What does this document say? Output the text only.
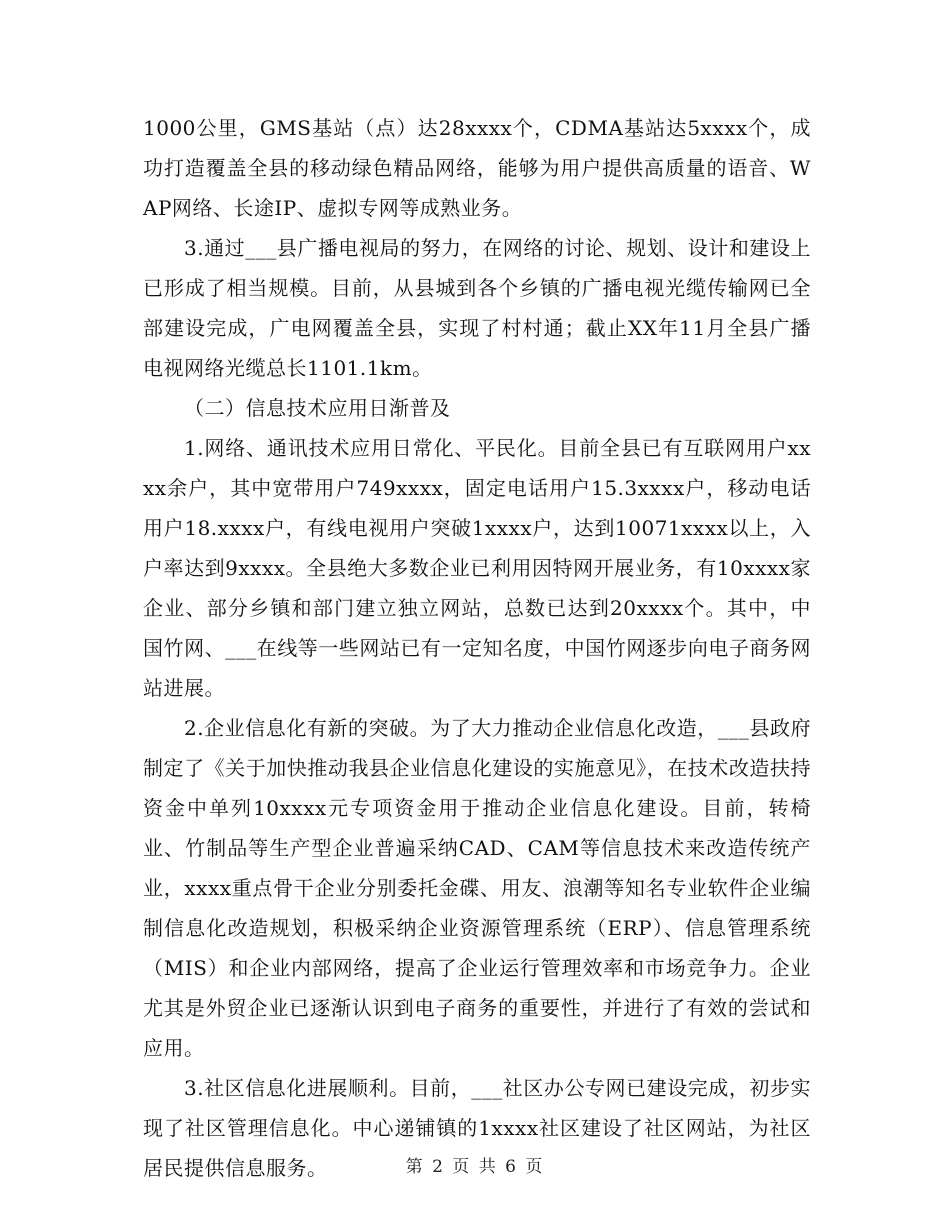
1000公里，GMS基站（点）达28xxxx个，CDMA基站达5xxxx个，成功打造覆盖全县的移动绿色精品网络，能够为用户提供高质量的语音、WAP网络、长途IP、虚拟专网等成熟业务。

3.通过___县广播电视局的努力，在网络的讨论、规划、设计和建设上已形成了相当规模。目前，从县城到各个乡镇的广播电视光缆传输网已全部建设完成，广电网覆盖全县，实现了村村通；截止XX年11月全县广播电视网络光缆总长1101.1km。

（二）信息技术应用日渐普及

1.网络、通讯技术应用日常化、平民化。目前全县已有互联网用户xxxx余户，其中宽带用户749xxxx，固定电话用户15.3xxxx户，移动电话用户18.xxxx户，有线电视用户突破1xxxx户，达到10071xxxx以上，入户率达到9xxxx。全县绝大多数企业已利用因特网开展业务，有10xxxx家企业、部分乡镇和部门建立独立网站，总数已达到20xxxx个。其中，中国竹网、___在线等一些网站已有一定知名度，中国竹网逐步向电子商务网站进展。

2.企业信息化有新的突破。为了大力推动企业信息化改造，___县政府制定了《关于加快推动我县企业信息化建设的实施意见》，在技术改造扶持资金中单列10xxxx元专项资金用于推动企业信息化建设。目前，转椅业、竹制品等生产型企业普遍采纳CAD、CAM等信息技术来改造传统产业，xxxx重点骨干企业分别委托金碟、用友、浪潮等知名专业软件企业编制信息化改造规划，积极采纳企业资源管理系统（ERP）、信息管理系统（MIS）和企业内部网络，提高了企业运行管理效率和市场竞争力。企业尤其是外贸企业已逐渐认识到电子商务的重要性，并进行了有效的尝试和应用。

3.社区信息化进展顺利。目前，___社区办公专网已建设完成，初步实现了社区管理信息化。中心递铺镇的1xxxx社区建设了社区网站，为社区居民提供信息服务。	第 2 页 共 6 页
